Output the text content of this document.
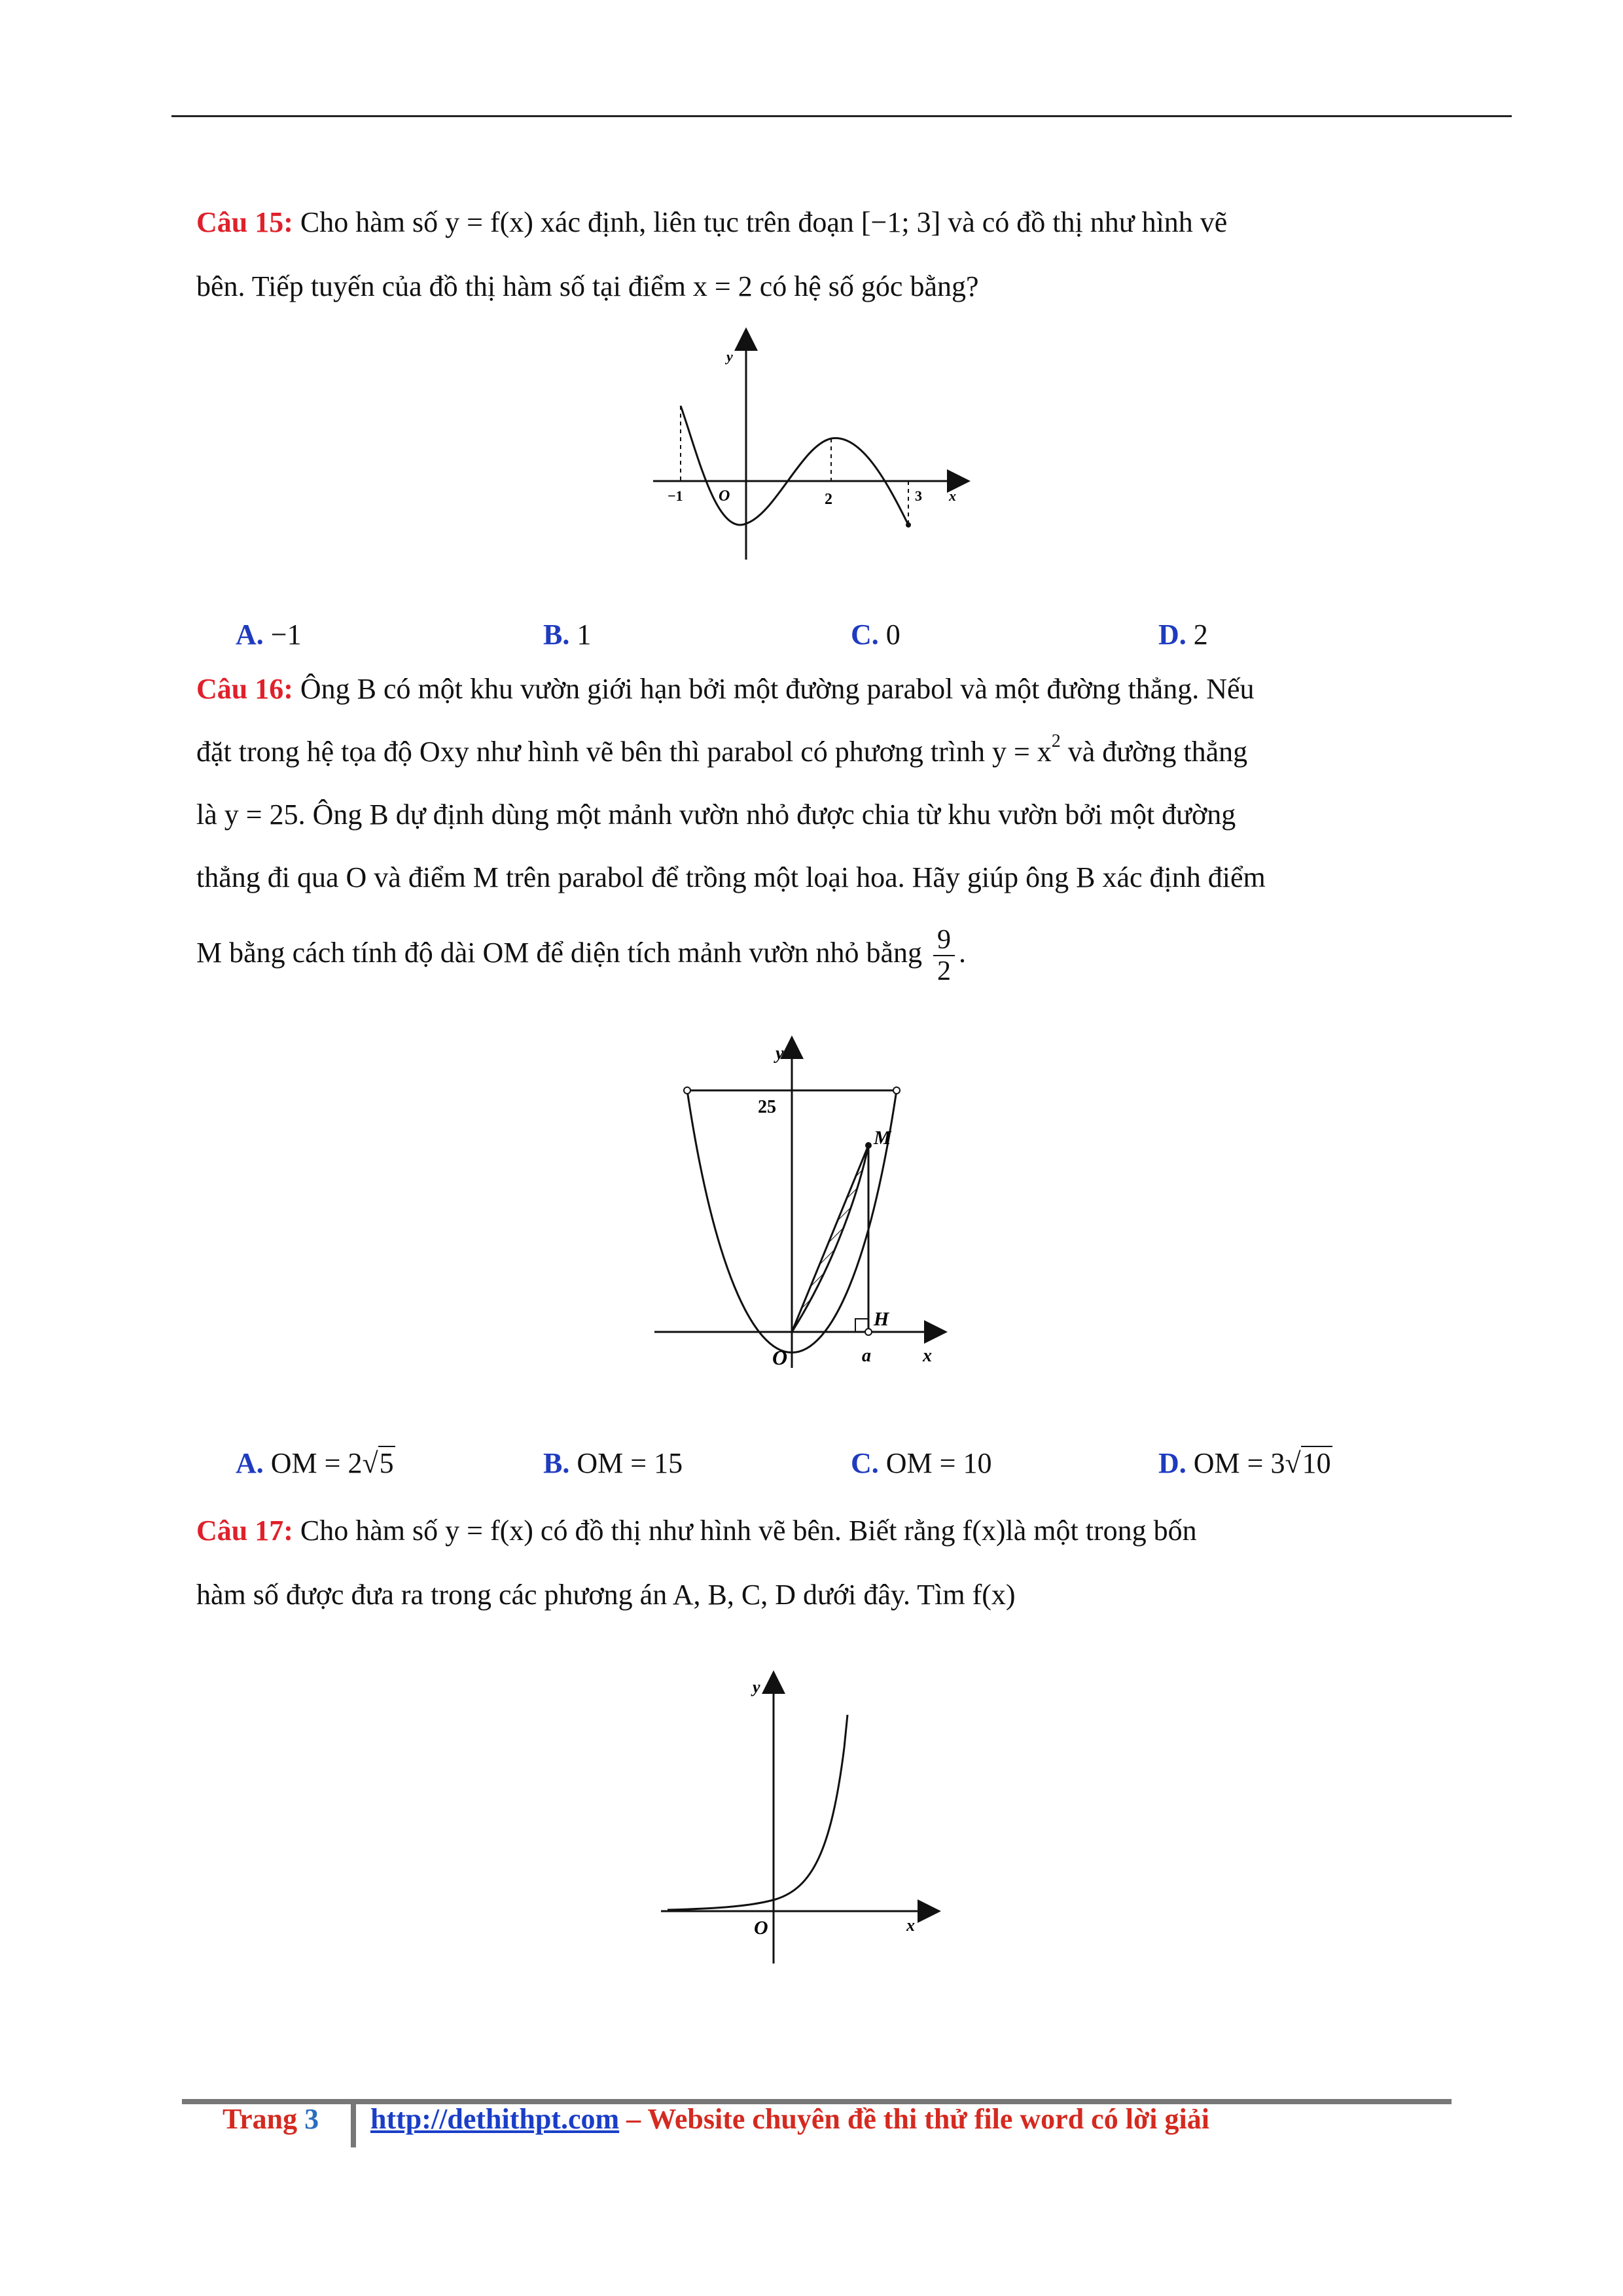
Câu 15: Cho hàm số y = f(x) xác định, liên tục trên đoạn [−1; 3] và có đồ thị như hình vẽ
bên. Tiếp tuyến của đồ thị hàm số tại điểm x = 2 có hệ số góc bằng?
y
x
O
−1	2	3
A. −1	B. 1	C. 0	D. 2
Câu 16: Ông B có một khu vườn giới hạn bởi một đường parabol và một đường thẳng. Nếu
đặt trong hệ tọa độ Oxy như hình vẽ bên thì parabol có phương trình $y = x^2$ và đường thẳng
là y = 25. Ông B dự định dùng một mảnh vườn nhỏ được chia từ khu vườn bởi một đường
thẳng đi qua O và điểm M trên parabol để trồng một loại hoa. Hãy giúp ông B xác định điểm
M bằng cách tính độ dài OM để diện tích mảnh vườn nhỏ bằng $\frac{9}{2}$ .
y
x
O
25
M
H
a
A. OM = 2√5	B. OM = 15	C. OM = 10	D. OM = 3√10
Câu 17: Cho hàm số y = f(x) có đồ thị như hình vẽ bên. Biết rằng f(x)là một trong bốn
hàm số được đưa ra trong các phương án A, B, C, D dưới đây. Tìm f(x)
y
x
O
Trang 3 http://dethithpt.com – Website chuyên đề thi thử file word có lời giải
